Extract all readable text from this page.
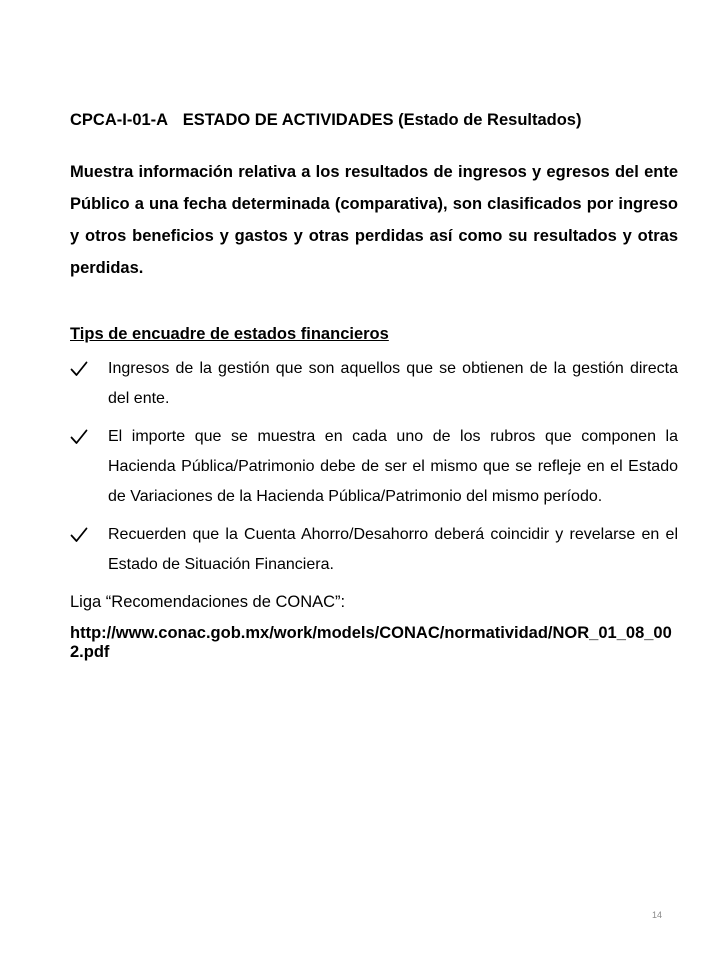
CPCA-I-01-A ESTADO DE ACTIVIDADES (Estado de Resultados)

Muestra información relativa a los resultados de ingresos y egresos del ente Público a una fecha determinada (comparativa), son clasificados por ingreso y otros beneficios y gastos y otras perdidas así como su resultados y otras perdidas.

Tips de encuadre de estados financieros

Ingresos de la gestión que son aquellos que se obtienen de la gestión directa del ente.
El importe que se muestra en cada uno de los rubros que componen la Hacienda Pública/Patrimonio debe de ser el mismo que se refleje en el Estado de Variaciones de la Hacienda Pública/Patrimonio del mismo período.
Recuerden que la Cuenta Ahorro/Desahorro deberá coincidir y revelarse en el Estado de Situación Financiera.

Liga “Recomendaciones de CONAC”:

http://www.conac.gob.mx/work/models/CONAC/normatividad/NOR_01_08_002.pdf

14
